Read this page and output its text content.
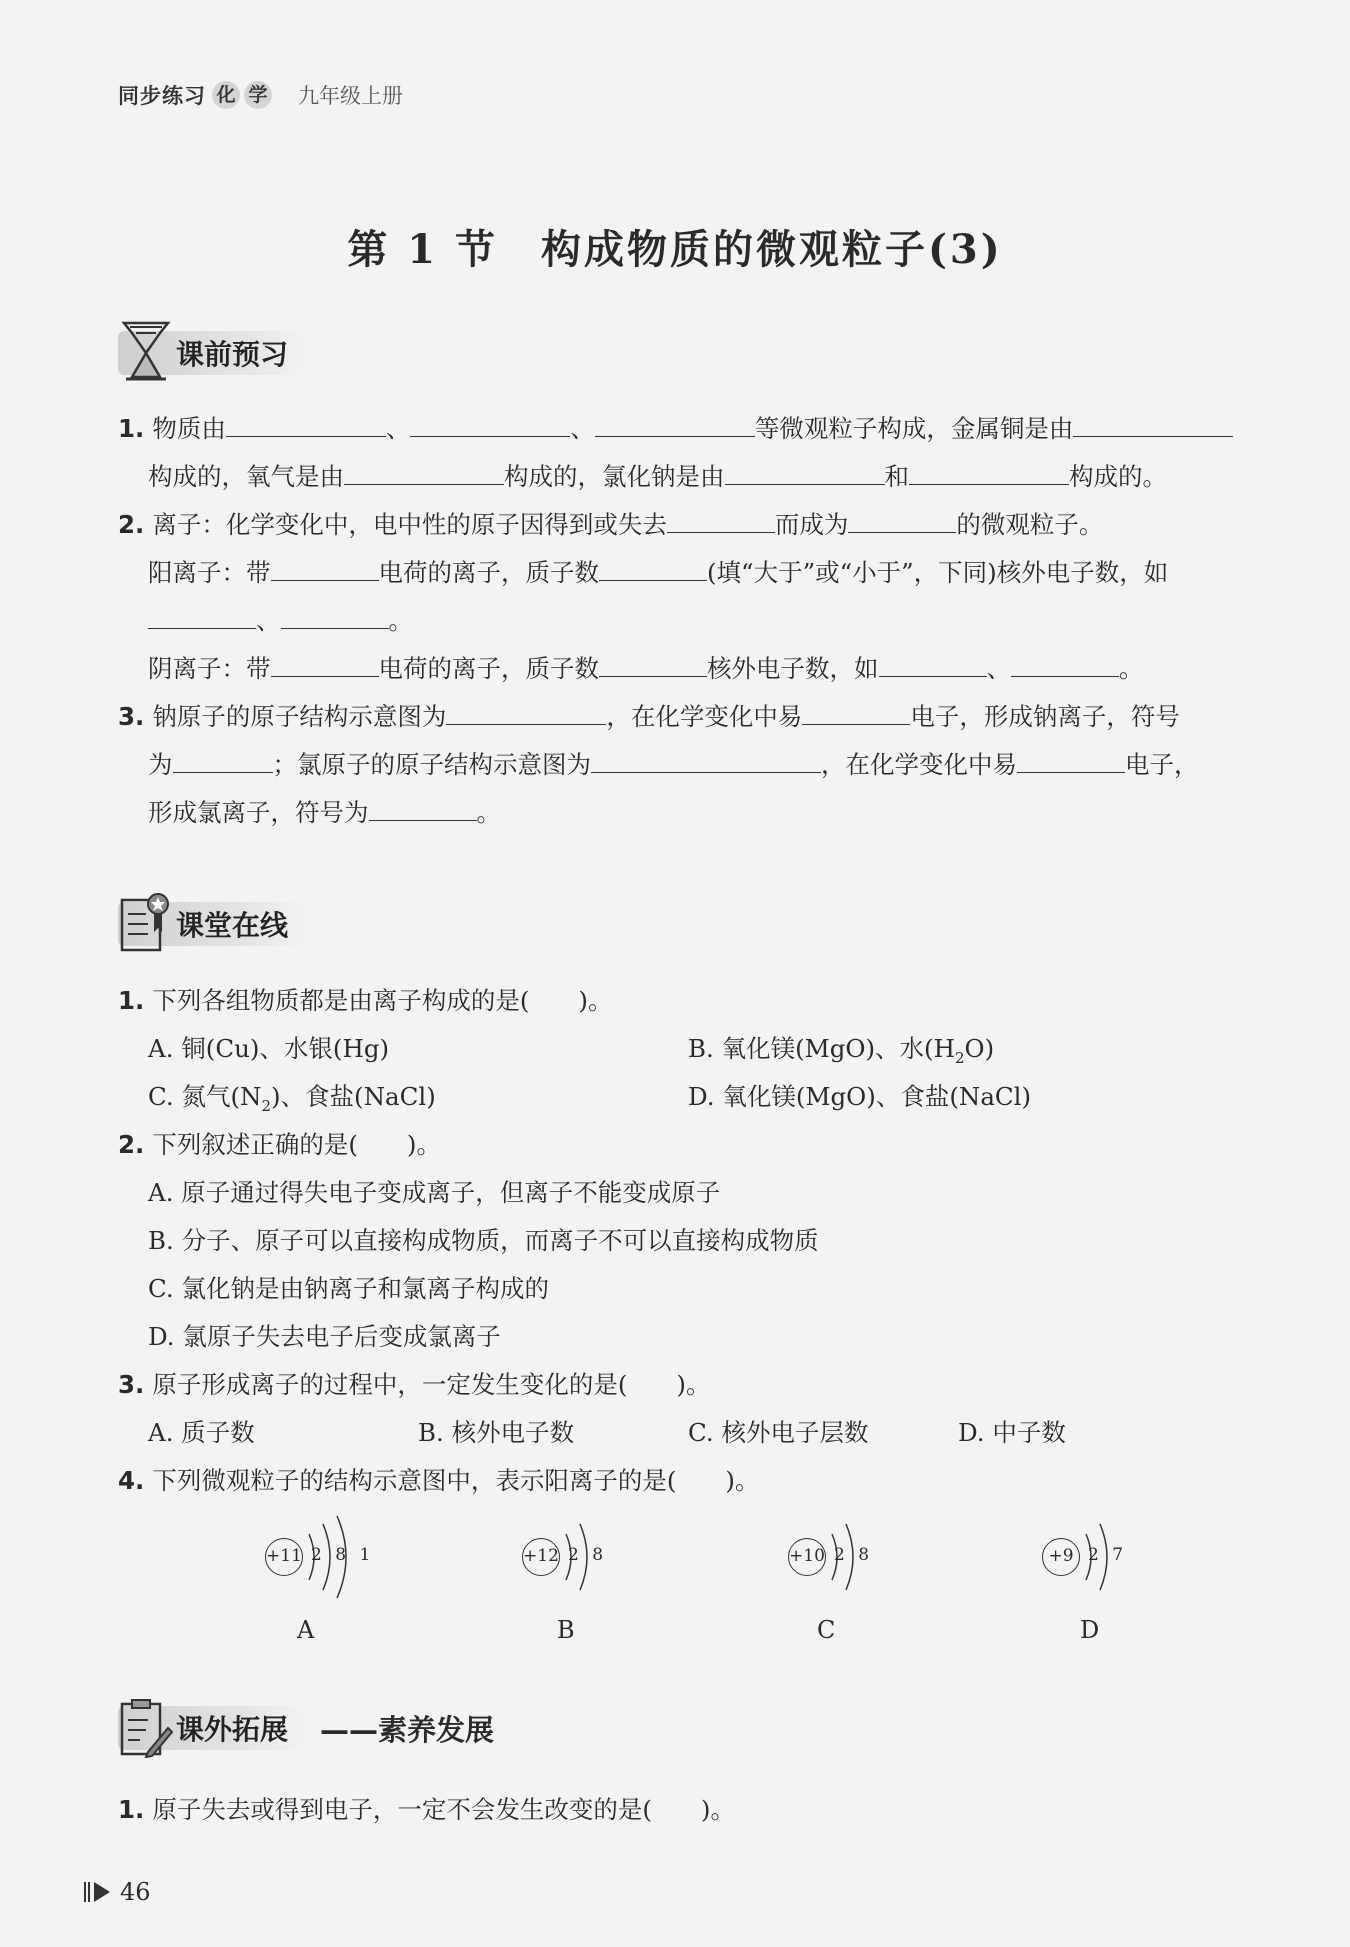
同步练习 化 学 九年级上册
第 1 节　构成物质的微观粒子(3)
课前预习
1. 物质由	、	、	等微观粒子构成，金属铜是由
构成的，氧气是由	构成的，氯化钠是由	和	构成的。
2. 离子：化学变化中，电中性的原子因得到或失去	而成为	的微观粒子。
阳离子：带	电荷的离子，质子数	(填“大于”或“小于”，下同)核外电子数，如
、	。
阴离子：带	电荷的离子，质子数	核外电子数，如	、	。
3. 钠原子的原子结构示意图为	，在化学变化中易	电子，形成钠离子，符号
为	；氯原子的原子结构示意图为	，在化学变化中易	电子，
形成氯离子，符号为	。
课堂在线
1. 下列各组物质都是由离子构成的是(　　)。
A. 铜(Cu)、水银(Hg)	B. 氧化镁(MgO)、水$(H_2O)$
C. 氮气$(N_2)$、食盐(NaCl)	D. 氧化镁(MgO)、食盐(NaCl)
2. 下列叙述正确的是(　　)。
A. 原子通过得失电子变成离子，但离子不能变成原子
B. 分子、原子可以直接构成物质，而离子不可以直接构成物质
C. 氯化钠是由钠离子和氯离子构成的
D. 氯原子失去电子后变成氯离子
3. 原子形成离子的过程中，一定发生变化的是(　　)。
A. 质子数	B. 核外电子数	C. 核外电子层数	D. 中子数
4. 下列微观粒子的结构示意图中，表示阳离子的是(　　)。
+11 2 8 1	+12 2 8	+10 2 8	+9 2 7
A	B	C	D
课外拓展 ——素养发展
1. 原子失去或得到电子，一定不会发生改变的是(　　)。
46
